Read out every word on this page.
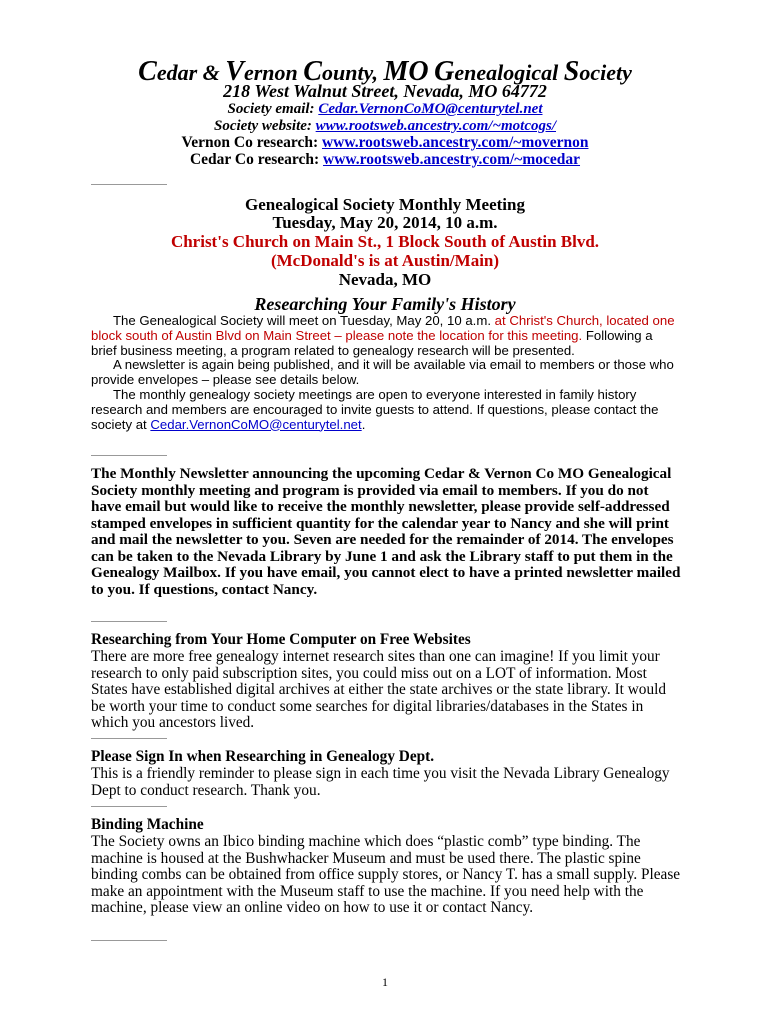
Cedar & Vernon County, MO Genealogical Society
218 West Walnut Street, Nevada, MO 64772
Society email: Cedar.VernonCoMO@centurytel.net
Society website: www.rootsweb.ancestry.com/~motcogs/
Vernon Co research: www.rootsweb.ancestry.com/~movernon
Cedar Co research: www.rootsweb.ancestry.com/~mocedar
Genealogical Society Monthly Meeting
Tuesday, May 20, 2014, 10 a.m.
Christ's Church on Main St., 1 Block South of Austin Blvd.
(McDonald's is at Austin/Main)
Nevada, MO
Researching Your Family's History

The Genealogical Society will meet on Tuesday, May 20, 10 a.m. at Christ's Church, located one block south of Austin Blvd on Main Street – please note the location for this meeting. Following a brief business meeting, a program related to genealogy research will be presented.

A newsletter is again being published, and it will be available via email to members or those who provide envelopes – please see details below.

The monthly genealogy society meetings are open to everyone interested in family history research and members are encouraged to invite guests to attend. If questions, please contact the society at Cedar.VernonCoMO@centurytel.net.

The Monthly Newsletter announcing the upcoming Cedar & Vernon Co MO Genealogical Society monthly meeting and program is provided via email to members. If you do not have email but would like to receive the monthly newsletter, please provide self-addressed stamped envelopes in sufficient quantity for the calendar year to Nancy and she will print and mail the newsletter to you. Seven are needed for the remainder of 2014. The envelopes can be taken to the Nevada Library by June 1 and ask the Library staff to put them in the Genealogy Mailbox. If you have email, you cannot elect to have a printed newsletter mailed to you. If questions, contact Nancy.

Researching from Your Home Computer on Free Websites

There are more free genealogy internet research sites than one can imagine! If you limit your research to only paid subscription sites, you could miss out on a LOT of information. Most States have established digital archives at either the state archives or the state library. It would be worth your time to conduct some searches for digital libraries/databases in the States in which you ancestors lived.

Please Sign In when Researching in Genealogy Dept.

This is a friendly reminder to please sign in each time you visit the Nevada Library Genealogy Dept to conduct research. Thank you.

Binding Machine

The Society owns an Ibico binding machine which does “plastic comb” type binding. The machine is housed at the Bushwhacker Museum and must be used there. The plastic spine binding combs can be obtained from office supply stores, or Nancy T. has a small supply. Please make an appointment with the Museum staff to use the machine. If you need help with the machine, please view an online video on how to use it or contact Nancy.

1
